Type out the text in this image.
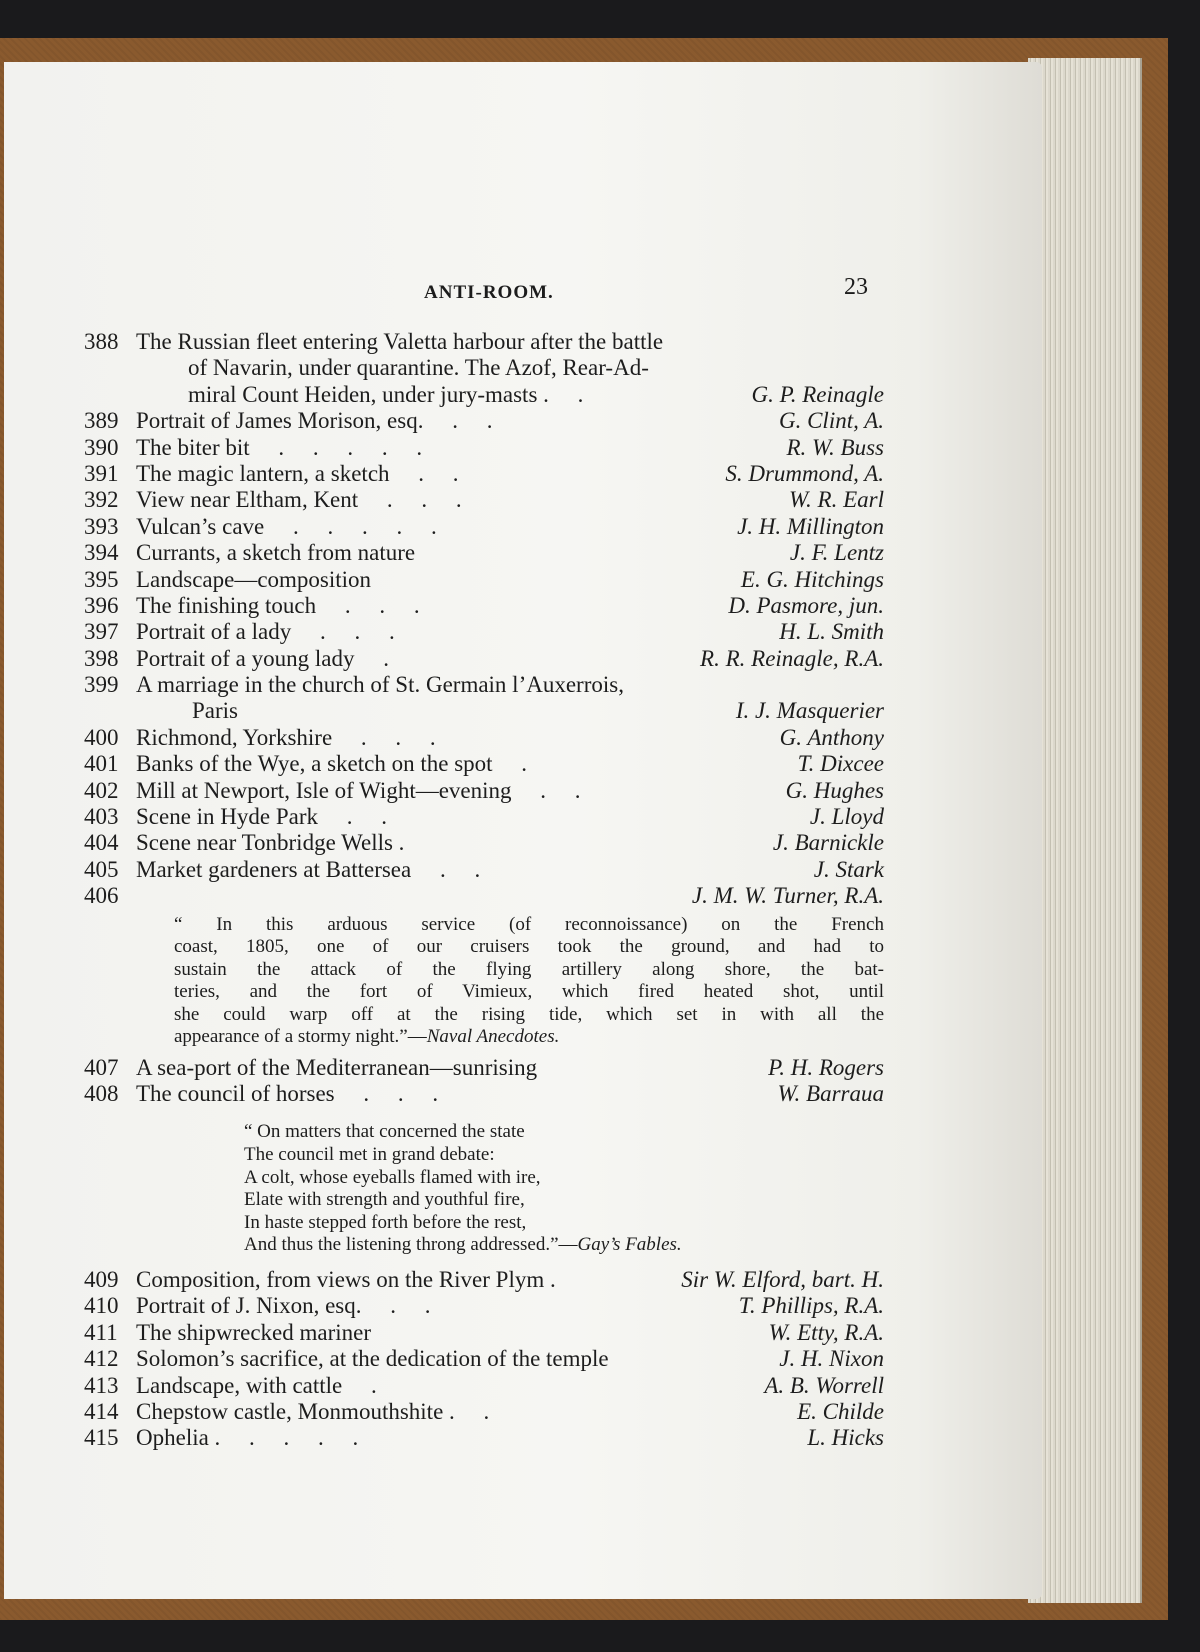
ANTI-ROOM.	23
388 The Russian fleet entering Valetta harbour after the battle
of Navarin, under quarantine. The Azof, Rear-Ad-
miral Count Heiden, under jury-masts .     .	G. P. Reinagle
389 Portrait of James Morison, esq.     .     .	G. Clint, A.
390 The biter bit     .     .     .     .     .	R. W. Buss
391 The magic lantern, a sketch     .     .	S. Drummond, A.
392 View near Eltham, Kent     .     .     .	W. R. Earl
393 Vulcan’s cave     .     .     .     .     .	J. H. Millington
394 Currants, a sketch from nature	J. F. Lentz
395 Landscape—composition	E. G. Hitchings
396 The finishing touch     .     .     .	D. Pasmore, jun.
397 Portrait of a lady     .     .     .	H. L. Smith
398 Portrait of a young lady     .	R. R. Reinagle, R.A.
399 A marriage in the church of St. Germain l’Auxerrois,
Paris	I. J. Masquerier
400 Richmond, Yorkshire     .     .     .	G. Anthony
401 Banks of the Wye, a sketch on the spot     .	T. Dixcee
402 Mill at Newport, Isle of Wight—evening     .     .	G. Hughes
403 Scene in Hyde Park     .     .	J. Lloyd
404 Scene near Tonbridge Wells .	J. Barnickle
405 Market gardeners at Battersea     .     .	J. Stark
406	J. M. W. Turner, R.A.
“ In this arduous service (of reconnoissance) on the French
coast, 1805, one of our cruisers took the ground, and had to
sustain the attack of the flying artillery along shore, the bat-
teries, and the fort of Vimieux, which fired heated shot, until
she could warp off at the rising tide, which set in with all the
appearance of a stormy night.”—Naval Anecdotes.
407 A sea-port of the Mediterranean—sunrising	P. H. Rogers
408 The council of horses     .     .     .	W. Barraua
“ On matters that concerned the state
The council met in grand debate:
A colt, whose eyeballs flamed with ire,
Elate with strength and youthful fire,
In haste stepped forth before the rest,
And thus the listening throng addressed.”—Gay’s Fables.
409 Composition, from views on the River Plym .	Sir W. Elford, bart. H.
410 Portrait of J. Nixon, esq.     .     .	T. Phillips, R.A.
411 The shipwrecked mariner	W. Etty, R.A.
412 Solomon’s sacrifice, at the dedication of the temple	J. H. Nixon
413 Landscape, with cattle     .	A. B. Worrell
414 Chepstow castle, Monmouthshite .     .	E. Childe
415 Ophelia .     .     .     .     .	L. Hicks
